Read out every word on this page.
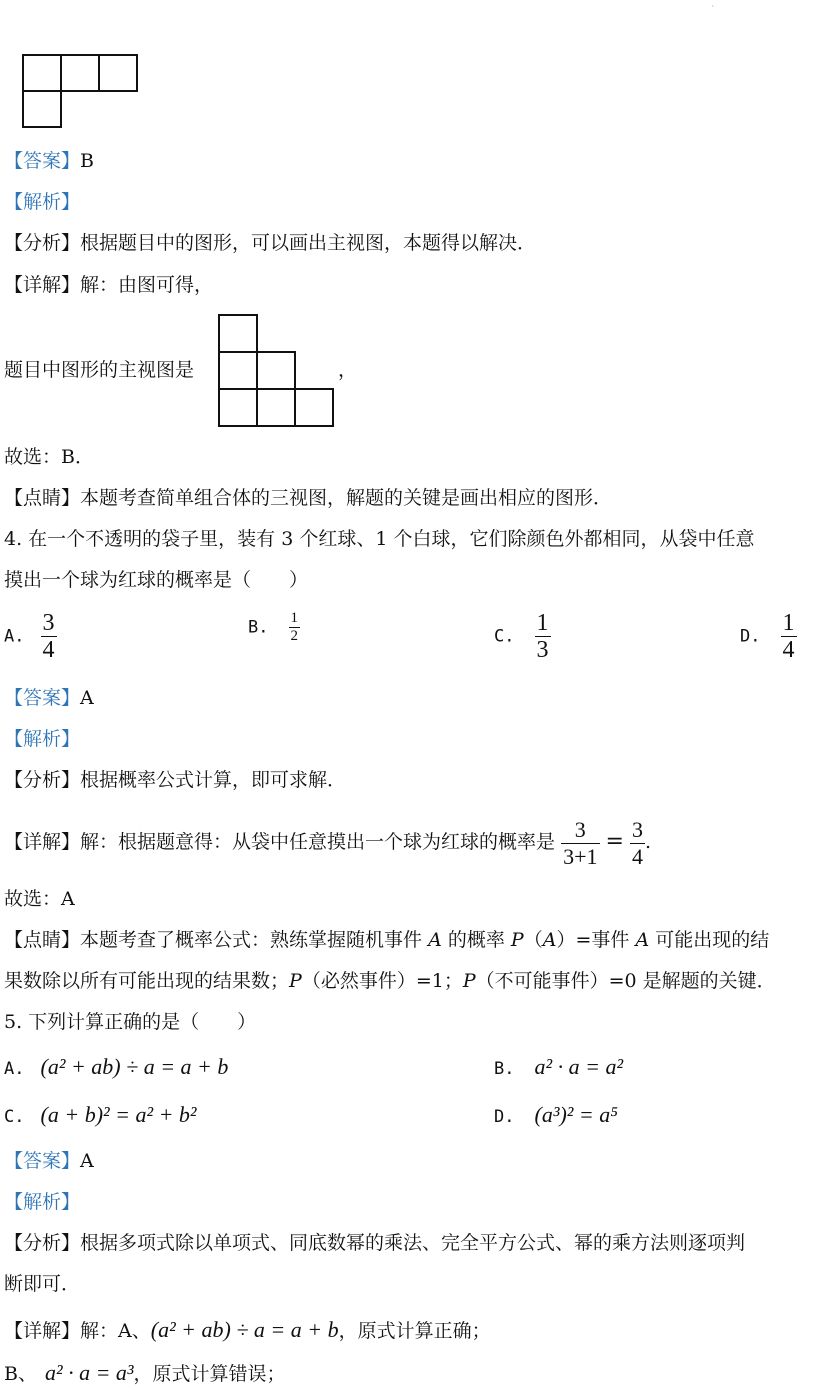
·
【答案】B
【解析】
【分析】根据题目中的图形，可以画出主视图，本题得以解决．
【详解】解：由图可得，
题目中图形的主视图是	，
故选：B．
【点睛】本题考查简单组合体的三视图，解题的关键是画出相应的图形．
4. 在一个不透明的袋子里，装有 3 个红球、1 个白球，它们除颜色外都相同，从袋中任意
摸出一个球为红球的概率是（　　）
A. $\frac{3}{4}$	B. $\frac{1}{2}$	C. $\frac{1}{3}$	D. $\frac{1}{4}$
【答案】A
【解析】
【分析】根据概率公式计算，即可求解．
【详解】解：根据题意得：从袋中任意摸出一个球为红球的概率是 $\frac{3}{3+1} = \frac{3}{4}$ .
故选：A
【点睛】本题考查了概率公式：熟练掌握随机事件 A 的概率 P（A）=事件 A 可能出现的结
果数除以所有可能出现的结果数；P（必然事件）=1；P（不可能事件）=0 是解题的关键．
5. 下列计算正确的是（　　）
A. (a² + ab) ÷ a = a + b	B. a² · a = a²
C. (a + b)² = a² + b²	D. (a³)² = a⁵
【答案】A
【解析】
【分析】根据多项式除以单项式、同底数幂的乘法、完全平方公式、幂的乘方法则逐项判
断即可．
【详解】解：A、(a² + ab) ÷ a = a + b，原式计算正确；
B、 a² · a = a³，原式计算错误；
